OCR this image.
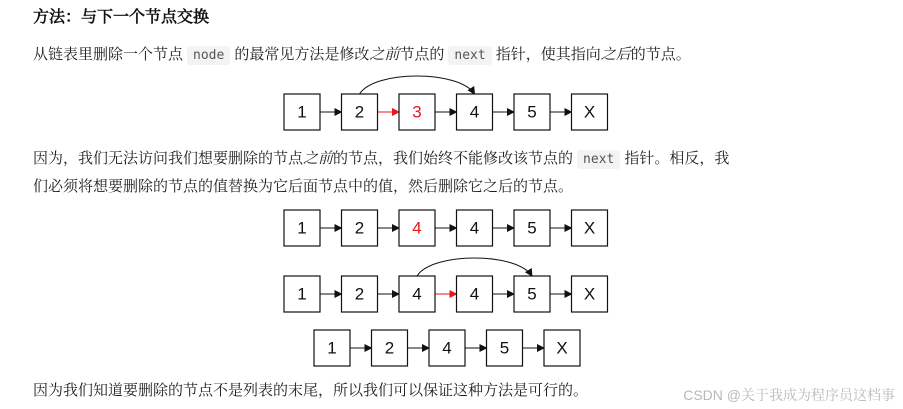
方法：与下一个节点交换
从链表里删除一个节点 node 的最常见方法是修改之前节点的 next 指针，使其指向之后的节点。
1	2	3	4	5	X
因为，我们无法访问我们想要删除的节点之前的节点，我们始终不能修改该节点的 next 指针。相反，我
们必须将想要删除的节点的值替换为它后面节点中的值，然后删除它之后的节点。
1	2	4	4	5	X
1	2	4	4	5	X
1	2	4	5	X
因为我们知道要删除的节点不是列表的末尾，所以我们可以保证这种方法是可行的。	CSDN @关于我成为程序员这档事
